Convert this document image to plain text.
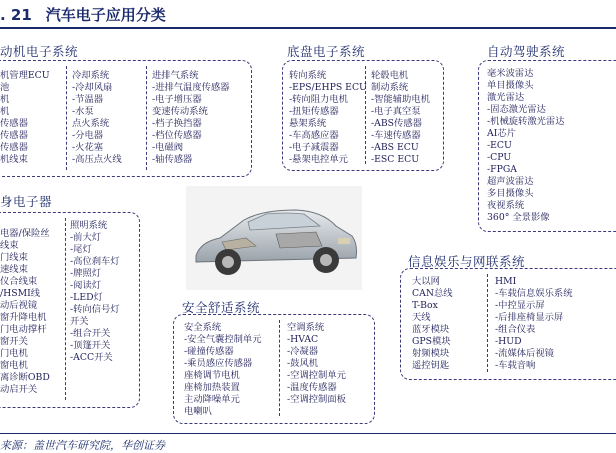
. 21 汽车电子应用分类
动机电子系统
机管理ECU
池
机
机
传感器
传感器
传感器
机线束
冷却系统
-冷却风扇
-节温器
-水泵
点火系统
-分电器
-火花塞
-高压点火线
进排气系统
-进排气温度传感器
-电子增压器
变速传动系统
-档子换挡器
-档位传感器
-电磁阀
-轴传感器
底盘电子系统
转向系统
-EPS/EHPS ECU
-转向阻力电机
-扭矩传感器
悬架系统
-车高感应器
-电子减震器
-悬架电控单元
轮毂电机
制动系统
-智能辅助电机
-电子真空泵
-ABS传感器
-车速传感器
-ABS ECU
-ESC ECU
自动驾驶系统
毫米波雷达
单目摄像头
激光雷达
-固态激光雷达
-机械旋转激光雷达
AI芯片
-ECU
-CPU
-FPGA
超声波雷达
多目摄像头
夜视系统
360° 全景影像
身电子器
电器/保险丝
线束
门线束
速线束
仪合线束
/HSMI线
动后视镜
窗升降电机
门电动撑杆
窗开关
门电机
窗电机
离诊断OBD
动启开关
照明系统
-前大灯
-尾灯
-高位刹车灯
-牌照灯
-阅读灯
-LED灯
-转向信号灯
开关
-组合开关
-顶篷开关
-ACC开关
信息娱乐与网联系统
大以网
CAN总线
T-Box
天线
蓝牙模块
GPS模块
射频模块
遥控钥匙
HMI
-车载信息娱乐系统
-中控显示屏
-后排座椅显示屏
-组合仪表
-HUD
-流媒体后视镜
-车载音响
安全舒适系统
安全系统
-安全气囊控制单元
-碰撞传感器
-乘员感应传感器
座椅调节电机
座椅加热装置
主动降噪单元
电喇叭
空调系统
-HVAC
-冷凝器
-鼓风机
-空调控制单元
-温度传感器
-空调控制面板
来源：盖世汽车研究院，华创证券
